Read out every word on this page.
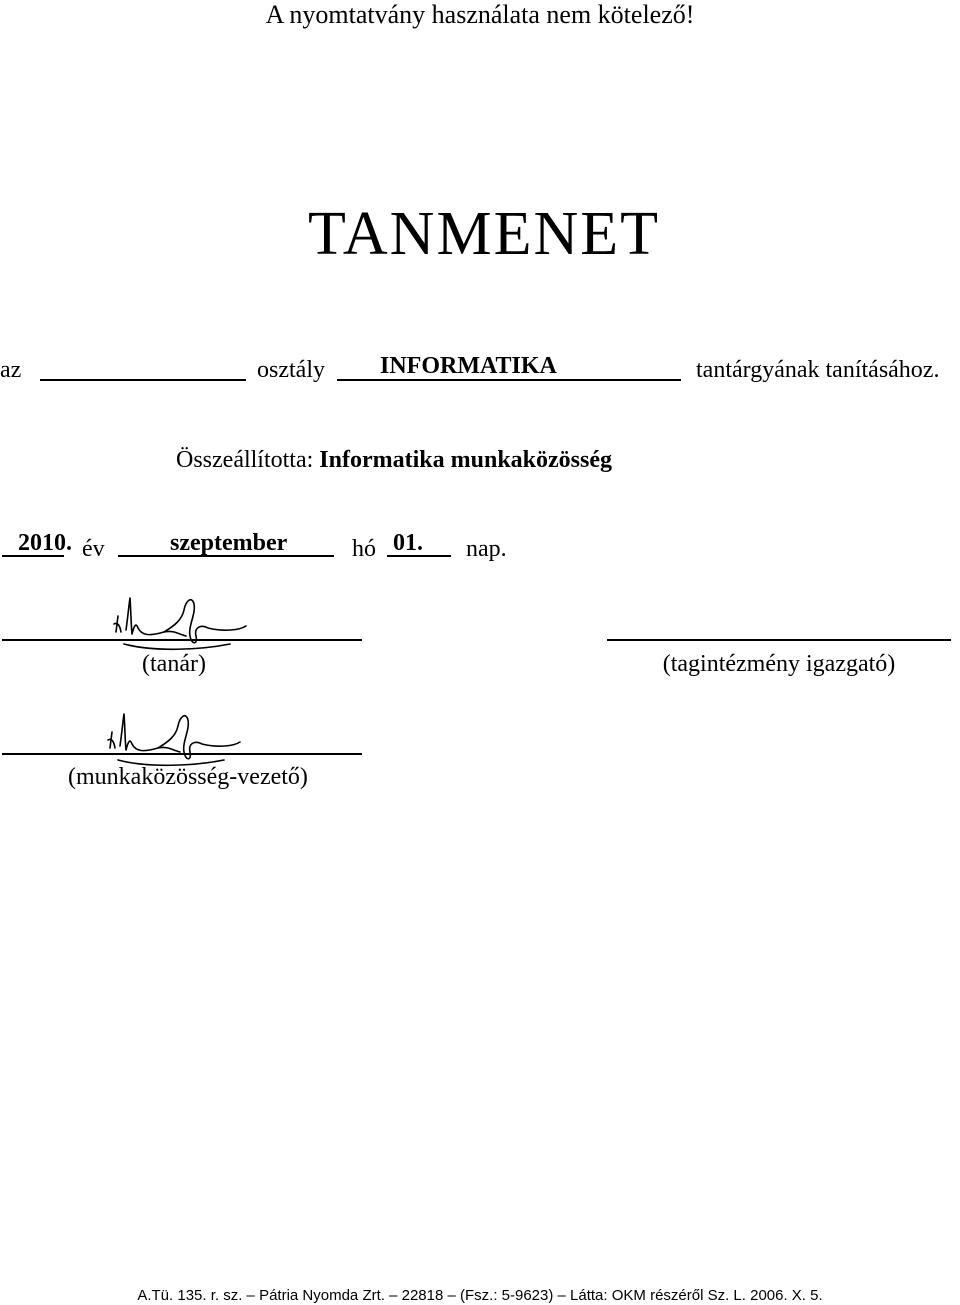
A nyomtatvány használata nem kötelező!
TANMENET
az	osztály INFORMATIKA	tantárgyának tanításához.
Összeállította: Informatika munkaközösség
2010. év	szeptember	hó 01. nap.
(tanár)	(tagintézmény igazgató)
(munkaközösség-vezető)
A.Tü. 135. r. sz. – Pátria Nyomda Zrt. – 22818 – (Fsz.: 5-9623) – Látta: OKM részéről Sz. L. 2006. X. 5.
